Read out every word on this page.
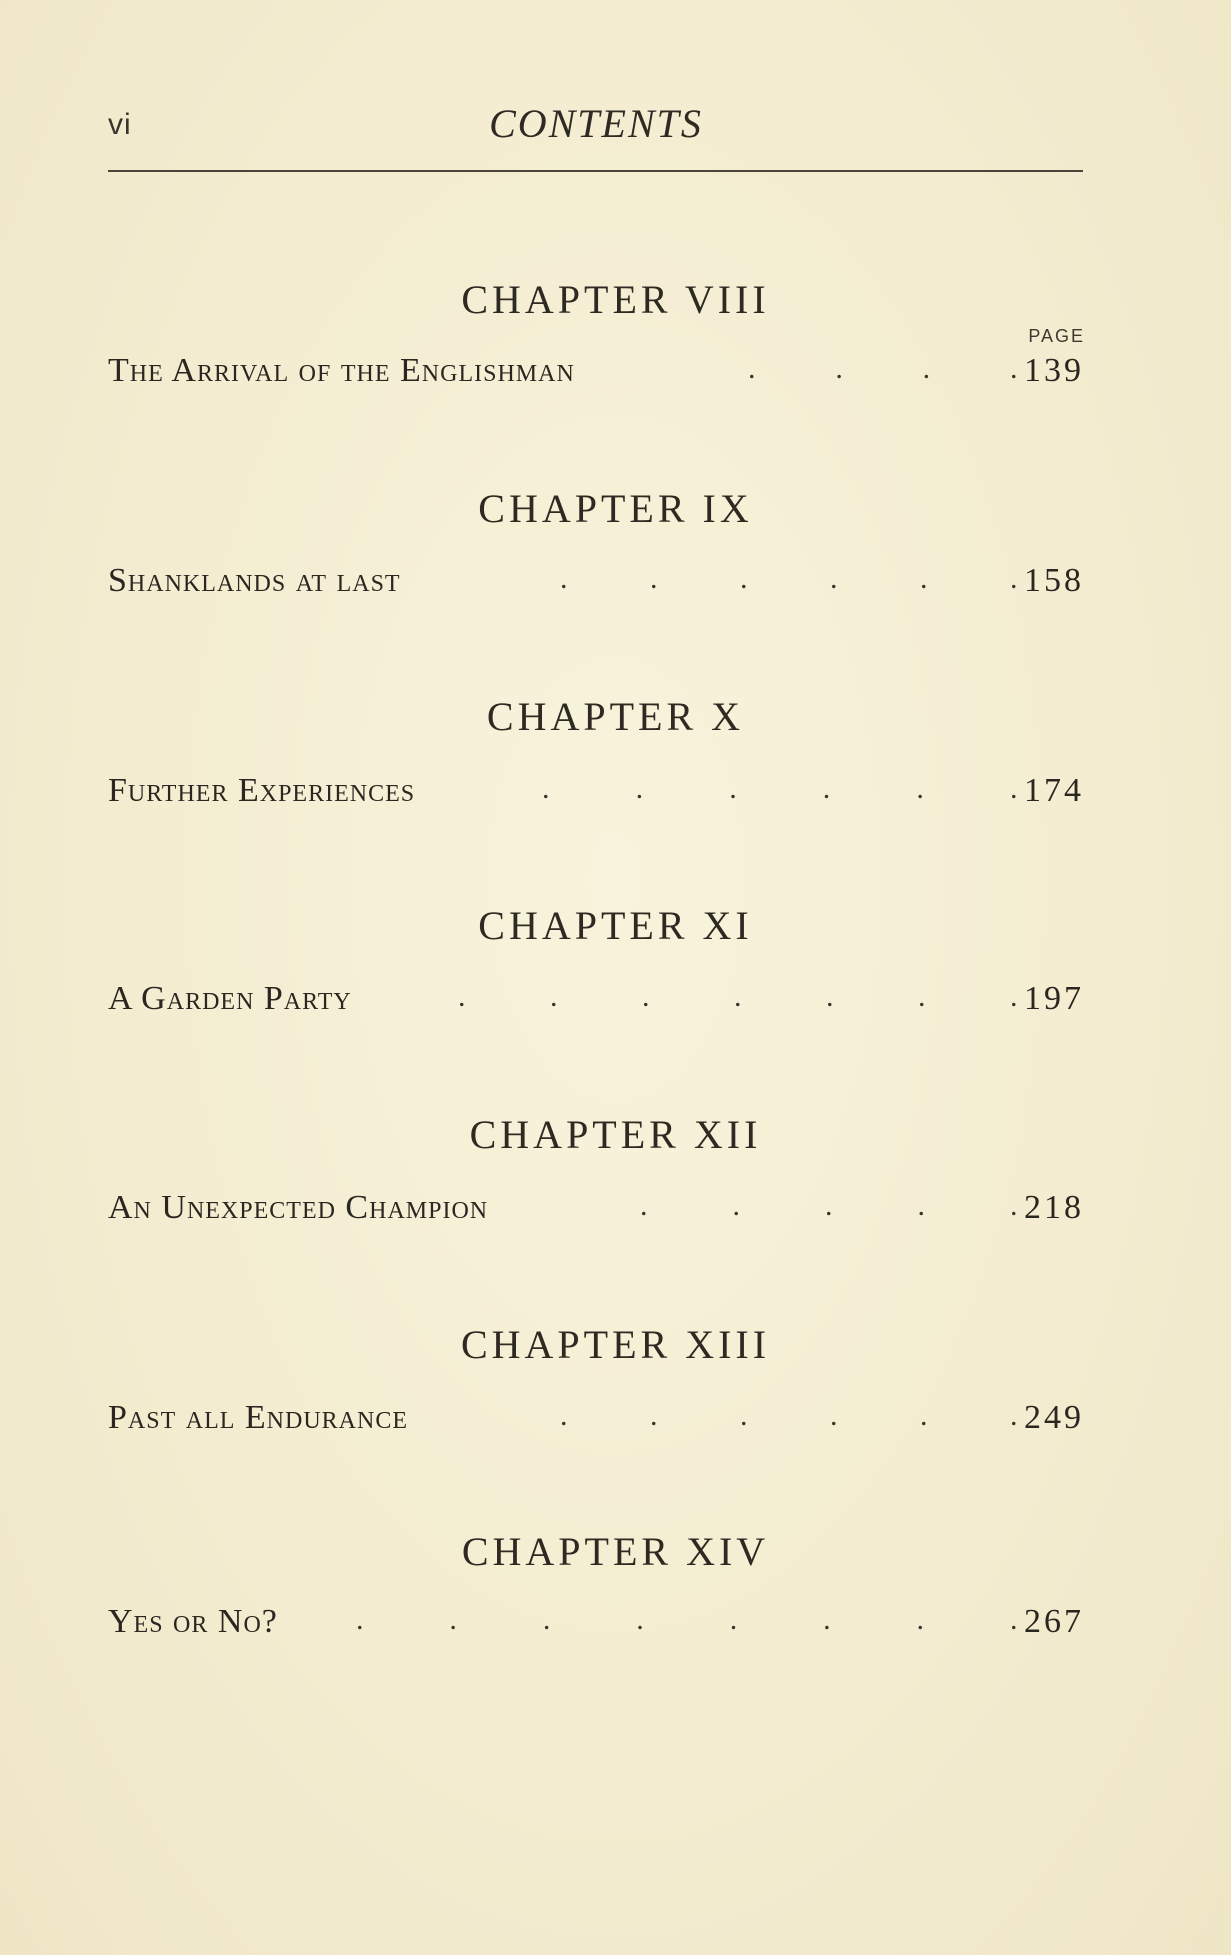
vi	CONTENTS
PAGE
CHAPTER VIII
The Arrival of the Englishman	.	.	.	. 139
CHAPTER IX
Shanklands at last	.	.	.	.	.	. 158
CHAPTER X
Further Experiences	.	.	.	.	.	. 174
CHAPTER XI
A Garden Party	.	.	.	.	.	.	. 197
CHAPTER XII
An Unexpected Champion	.	.	.	.	. 218
CHAPTER XIII
Past all Endurance	.	.	.	.	.	. 249
CHAPTER XIV
Yes or No?	.	.	.	.	.	.	.	. 267
